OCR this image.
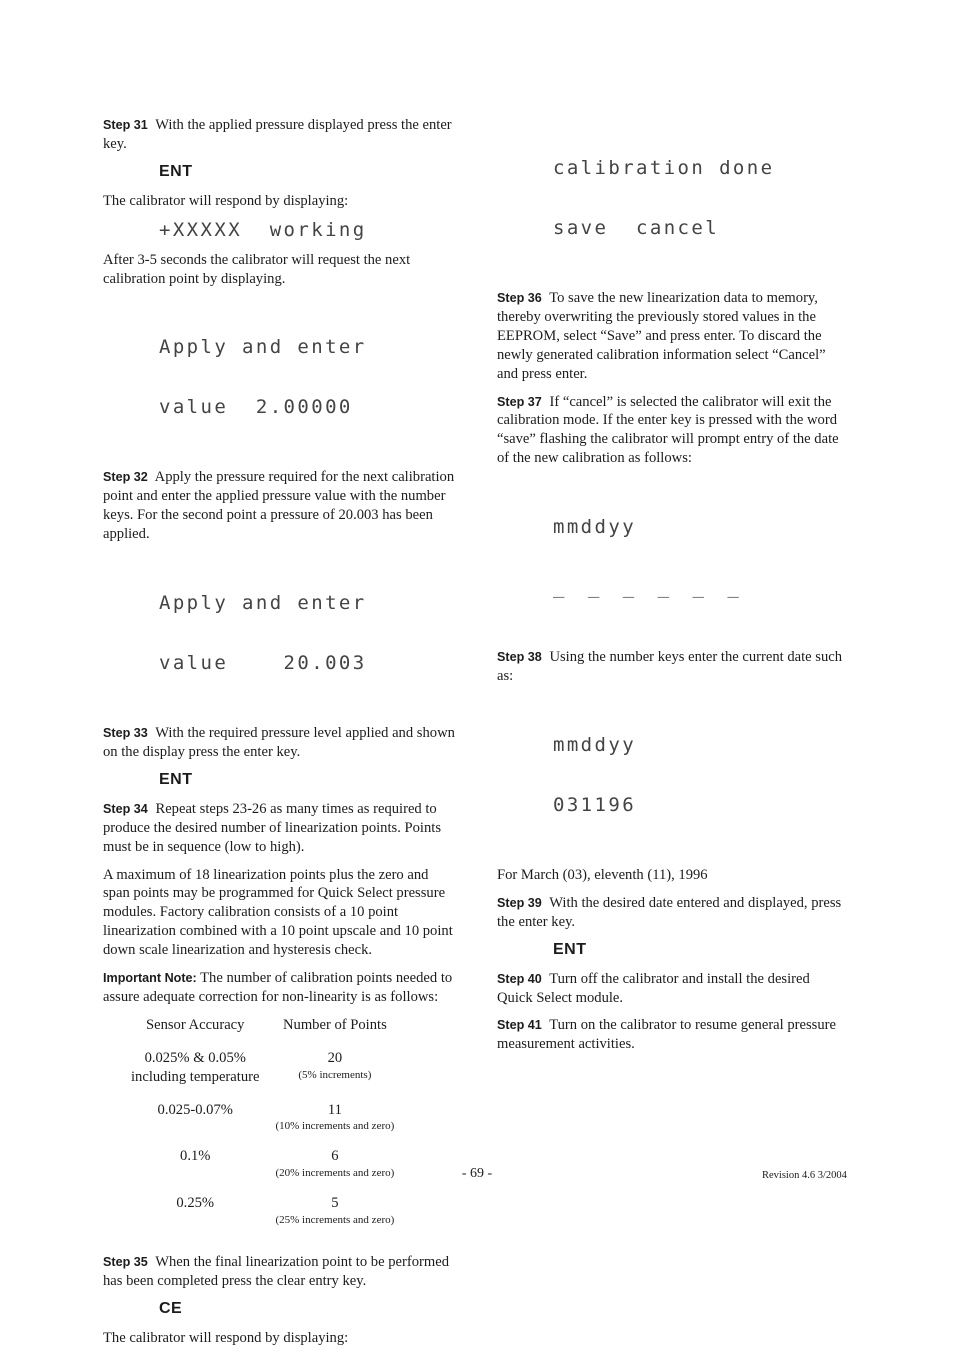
Step 31 With the applied pressure displayed press the enter key.

ENT

The calibrator will respond by displaying:

+XXXXX  working

After 3-5 seconds the calibrator will request the next calibration point by displaying.

Apply and enter

value  2.00000

Step 32 Apply the pressure required for the next calibration point and enter the applied pressure value with the number keys. For the second point a pressure of 20.003 has been applied.

Apply and enter

value    20.003

Step 33 With the required pressure level applied and shown on the display press the enter key.

ENT

Step 34 Repeat steps 23-26 as many times as required to produce the desired number of linearization points. Points must be in sequence (low to high).

A maximum of 18 linearization points plus the zero and span points may be programmed for Quick Select pressure modules. Factory calibration consists of a 10 point linearization combined with a 10 point upscale and 10 point down scale linearization and hysteresis check.

Important Note: The number of calibration points needed to assure adequate correction for non-linearity is as follows:

Sensor Accuracy	Number of Points
0.025% & 0.05%
including temperature	20
(5% increments)

0.025-0.07%	11
(10% increments and zero)

0.1%	6
(20% increments and zero)

0.25%	5
(25% increments and zero)

Step 35 When the final linearization point to be performed has been completed press the clear entry key.

CE

The calibrator will respond by displaying:

calibration done

save  cancel

Step 36 To save the new linearization data to memory, thereby overwriting the previously stored values in the EEPROM, select “Save” and press enter. To discard the newly generated calibration information select “Cancel” and press enter.

Step 37 If “cancel” is selected the calibrator will exit the calibration mode. If the enter key is pressed with the word “save” flashing the calibrator will prompt entry of the date of the new calibration as follows:

mmddyy

_ _ _ _ _ _

Step 38 Using the number keys enter the current date such as:

mmddyy

031196

For March (03), eleventh (11), 1996

Step 39 With the desired date entered and displayed, press the enter key.

ENT

Step 40 Turn off the calibrator and install the desired Quick Select module.

Step 41 Turn on the calibrator to resume general pressure measurement activities.

- 69 -	Revision 4.6 3/2004
